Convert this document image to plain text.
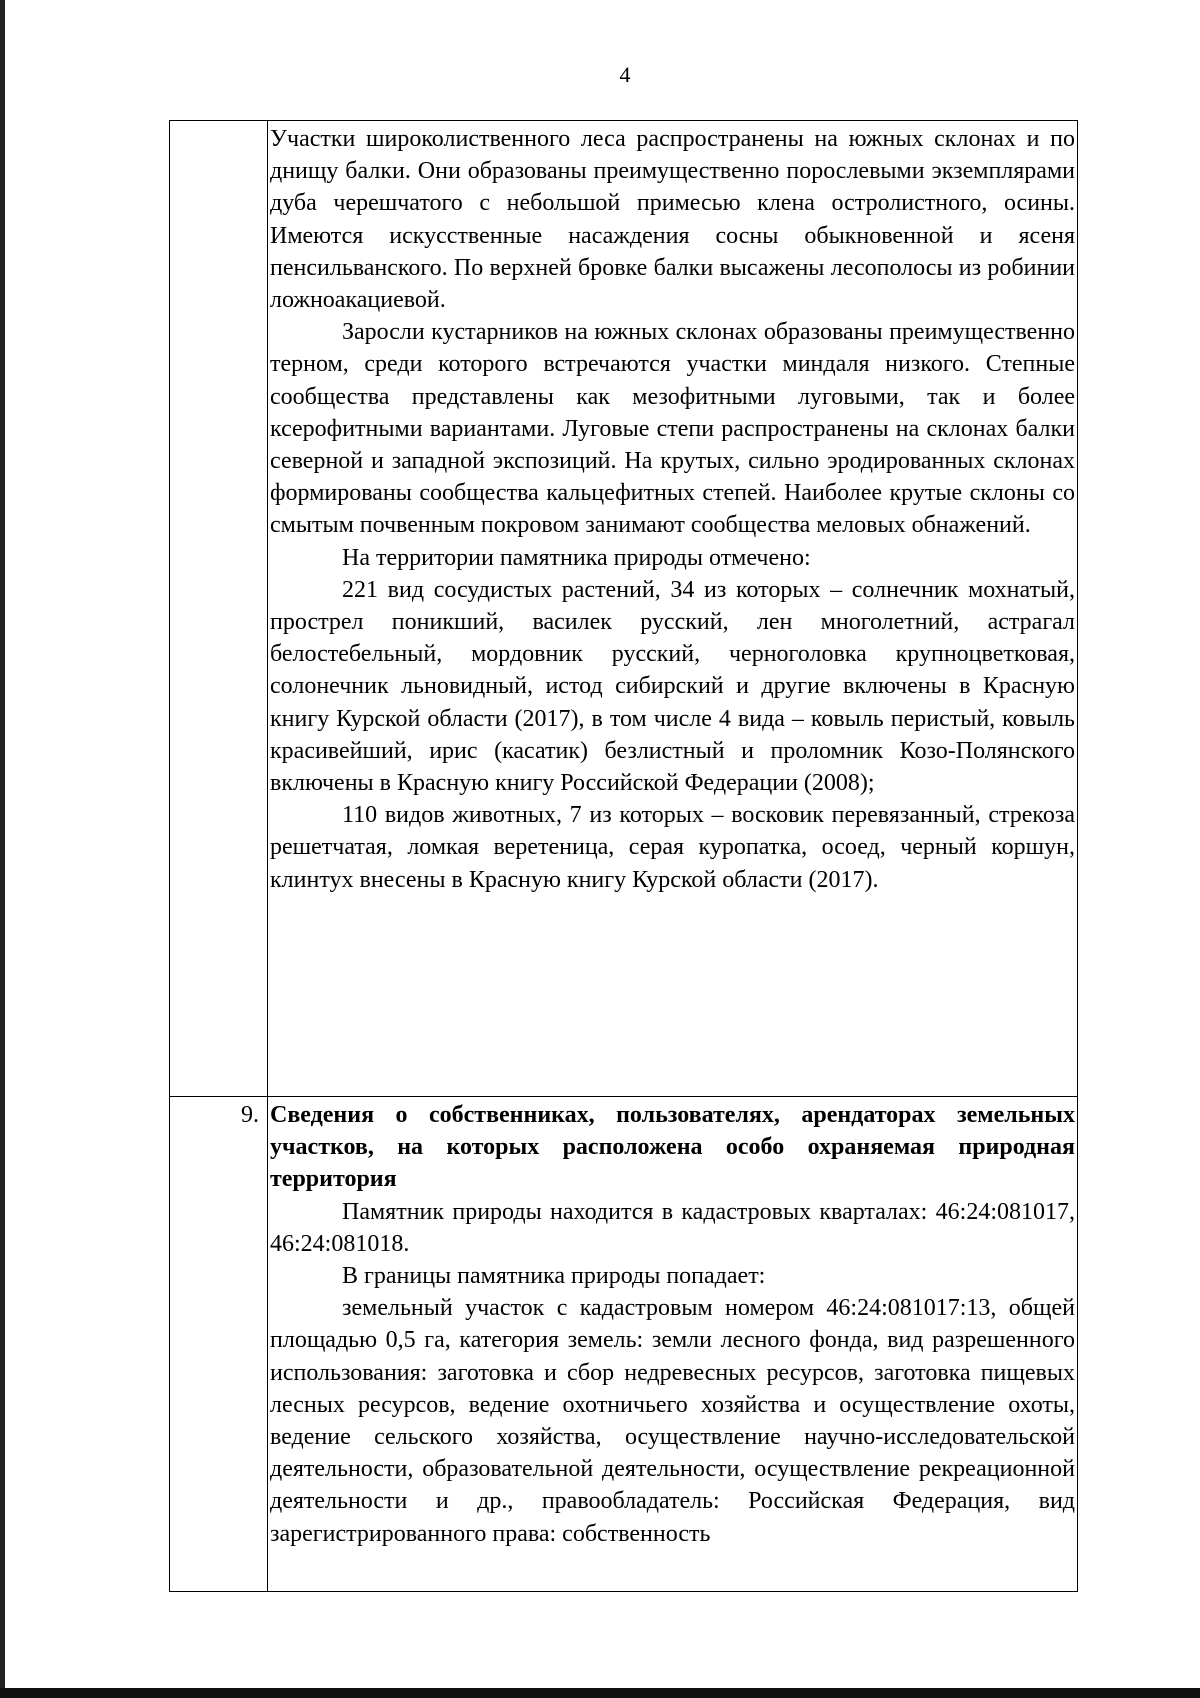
4

	Участки широколиственного леса распространены на южных склонах и по днищу балки. Они образованы преимущественно порослевыми экземплярами дуба черешчатого с небольшой примесью клена остролистного, осины. Имеются искусственные насаждения сосны обыкновенной и ясеня пенсильванского. По верхней бровке балки высажены лесополосы из робинии ложноакациевой.

Заросли кустарников на южных склонах образованы преимущественно терном, среди которого встречаются участки миндаля низкого. Степные сообщества представлены как мезофитными луговыми, так и более ксерофитными вариантами. Луговые степи распространены на склонах балки северной и западной экспозиций. На крутых, сильно эродированных склонах формированы сообщества кальцефитных степей. Наиболее крутые склоны со смытым почвенным покровом занимают сообщества меловых обнажений.

На территории памятника природы отмечено:

221 вид сосудистых растений, 34 из которых – солнечник мохнатый, прострел поникший, василек русский, лен многолетний, астрагал белостебельный, мордовник русский, черноголовка крупноцветковая, солонечник льновидный, истод сибирский и другие включены в Красную книгу Курской области (2017), в том числе 4 вида – ковыль перистый, ковыль красивейший, ирис (касатик) безлистный и проломник Козо-Полянского включены в Красную книгу Российской Федерации (2008);

110 видов животных, 7 из которых – восковик перевязанный, стрекоза решетчатая, ломкая веретеница, серая куропатка, осоед, черный коршун, клинтух внесены в Красную книгу Курской области (2017).

9.	Сведения о собственниках, пользователях, арендаторах земельных участков, на которых расположена особо охраняемая природная территория

Памятник природы находится в кадастровых кварталах: 46:24:081017, 46:24:081018.

В границы памятника природы попадает:

земельный участок с кадастровым номером 46:24:081017:13, общей площадью 0,5 га, категория земель: земли лесного фонда, вид разрешенного использования: заготовка и сбор недревесных ресурсов, заготовка пищевых лесных ресурсов, ведение охотничьего хозяйства и осуществление охоты, ведение сельского хозяйства, осуществление научно-исследовательской деятельности, образовательной деятельности, осуществление рекреационной деятельности и др., правообладатель: Российская Федерация, вид зарегистрированного права: собственность
